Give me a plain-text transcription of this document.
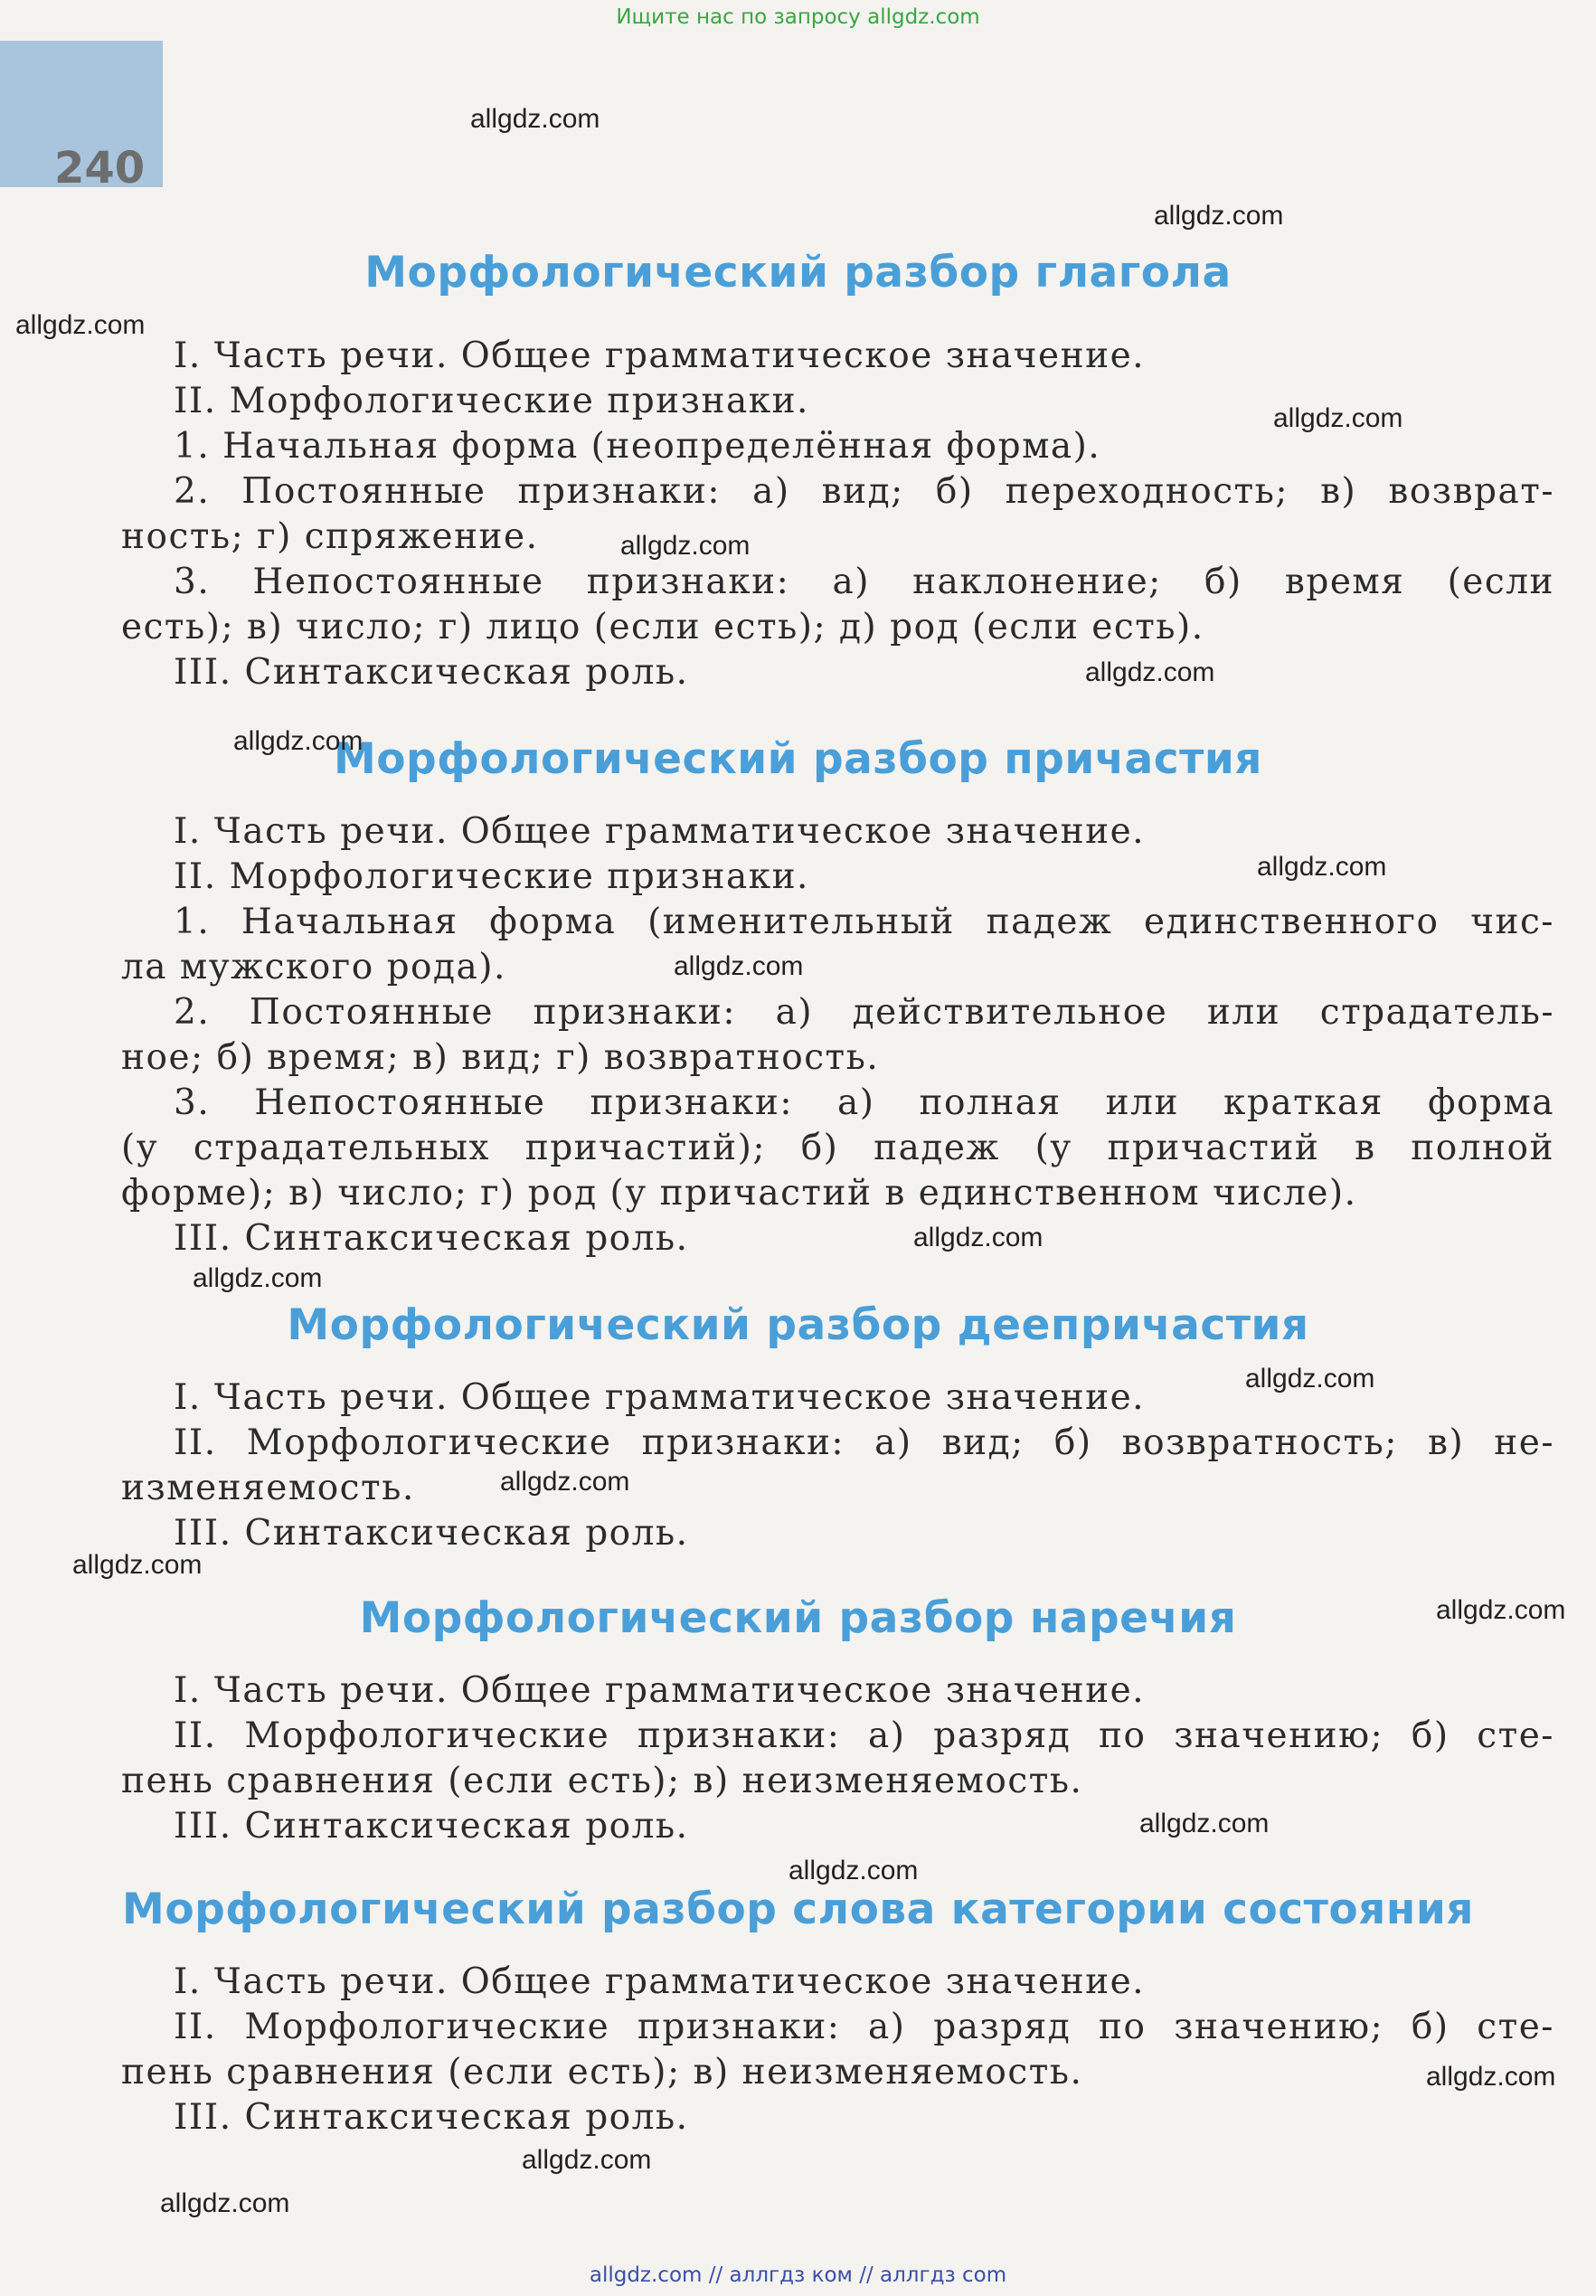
Ищите нас по запросу allgdz.com
240
Морфологический разбор глагола
I. Часть речи. Общее грамматическое значение.
II. Морфологические признаки.
1. Начальная форма (неопределённая форма).
2. Постоянные признаки: а) вид; б) переходность; в) возврат-
ность; г) спряжение.
3. Непостоянные признаки: а) наклонение; б) время (если
есть); в) число; г) лицо (если есть); д) род (если есть).
III. Синтаксическая роль.
Морфологический разбор причастия
I. Часть речи. Общее грамматическое значение.
II. Морфологические признаки.
1. Начальная форма (именительный падеж единственного чис-
ла мужского рода).
2. Постоянные признаки: а) действительное или страдатель-
ное; б) время; в) вид; г) возвратность.
3. Непостоянные признаки: а) полная или краткая форма
(у страдательных причастий); б) падеж (у причастий в полной
форме); в) число; г) род (у причастий в единственном числе).
III. Синтаксическая роль.
Морфологический разбор деепричастия
I. Часть речи. Общее грамматическое значение.
II. Морфологические признаки: а) вид; б) возвратность; в) не-
изменяемость.
III. Синтаксическая роль.
Морфологический разбор наречия
I. Часть речи. Общее грамматическое значение.
II. Морфологические признаки: а) разряд по значению; б) сте-
пень сравнения (если есть); в) неизменяемость.
III. Синтаксическая роль.
Морфологический разбор слова категории состояния
I. Часть речи. Общее грамматическое значение.
II. Морфологические признаки: а) разряд по значению; б) сте-
пень сравнения (если есть); в) неизменяемость.
III. Синтаксическая роль.
allgdz.com
allgdz.com
allgdz.com
allgdz.com
allgdz.com
allgdz.com
allgdz.com
allgdz.com
allgdz.com
allgdz.com
allgdz.com
allgdz.com
allgdz.com
allgdz.com
allgdz.com
allgdz.com
allgdz.com
allgdz.com
allgdz.com
allgdz.com
allgdz.com // аллгдз ком // аллгдз com
